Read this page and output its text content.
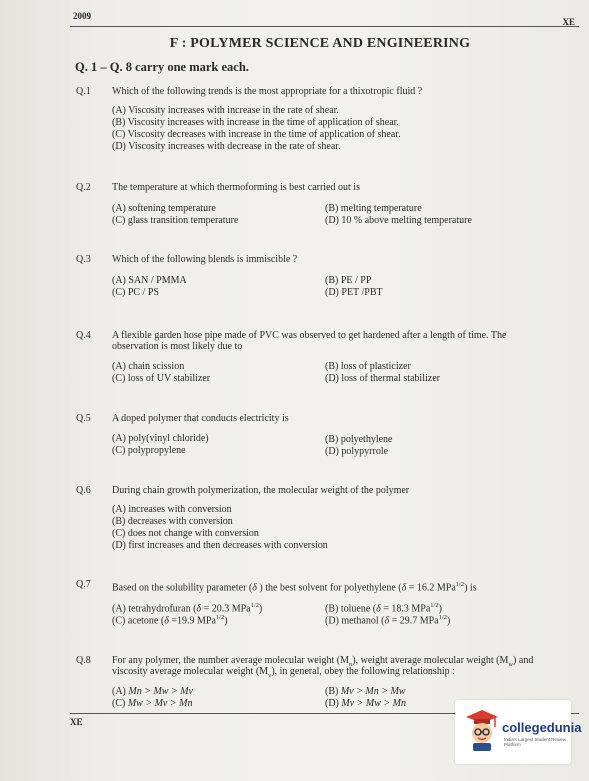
2009
XE
F : POLYMER SCIENCE AND ENGINEERING
Q. 1 – Q. 8 carry one mark each.
Q.1 Which of the following trends is the most appropriate for a thixotropic fluid ?
(A) Viscosity increases with increase in the rate of shear.
(B) Viscosity increases with increase in the time of application of shear.
(C) Viscosity decreases with increase in the time of application of shear.
(D) Viscosity increases with decrease in the rate of shear.
Q.2 The temperature at which thermoforming is best carried out is
(A) softening temperature	(B) melting temperature
(C) glass transition temperature	(D) 10 % above melting temperature
Q.3 Which of the following blends is immiscible ?
(A) SAN / PMMA	(B) PE / PP
(C) PC / PS	(D) PET /PBT
Q.4 A flexible garden hose pipe made of PVC was observed to get hardened after a length of time. The
observation is most likely due to
(A) chain scission	(B) loss of plasticizer
(C) loss of UV stabilizer	(D) loss of thermal stabilizer
Q.5 A doped polymer that conducts electricity is
(A) poly(vinyl chloride)	(B) polyethylene
(C) polypropylene	(D) polypyrrole
Q.6 During chain growth polymerization, the molecular weight of the polymer
(A) increases with conversion
(B) decreases with conversion
(C) does not change with conversion
(D) first increases and then decreases with conversion
Q.7 Based on the solubility parameter (δ ) the best solvent for polyethylene (δ = 16.2 MPa$^{1/2}$) is
(A) tetrahydrofuran (δ = 20.3 MPa$^{1/2}$)	(B) toluene (δ = 18.3 MPa$^{1/2}$)
(C) acetone (δ =19.9 MPa$^{1/2}$)	(D) methanol (δ = 29.7 MPa$^{1/2}$)
Q.8 For any polymer, the number average molecular weight $(M_n)$, weight average molecular weight $(M_w)$ and
viscosity average molecular weight $(M_v)$, in general, obey the following relationship :
(A) Mn > Mw > Mv	(B) Mv > Mn > Mw
(C) Mw > Mv > Mn	(D) Mv > Mw > Mn
XE	collegedunia
India's Largest Student Review Platform
